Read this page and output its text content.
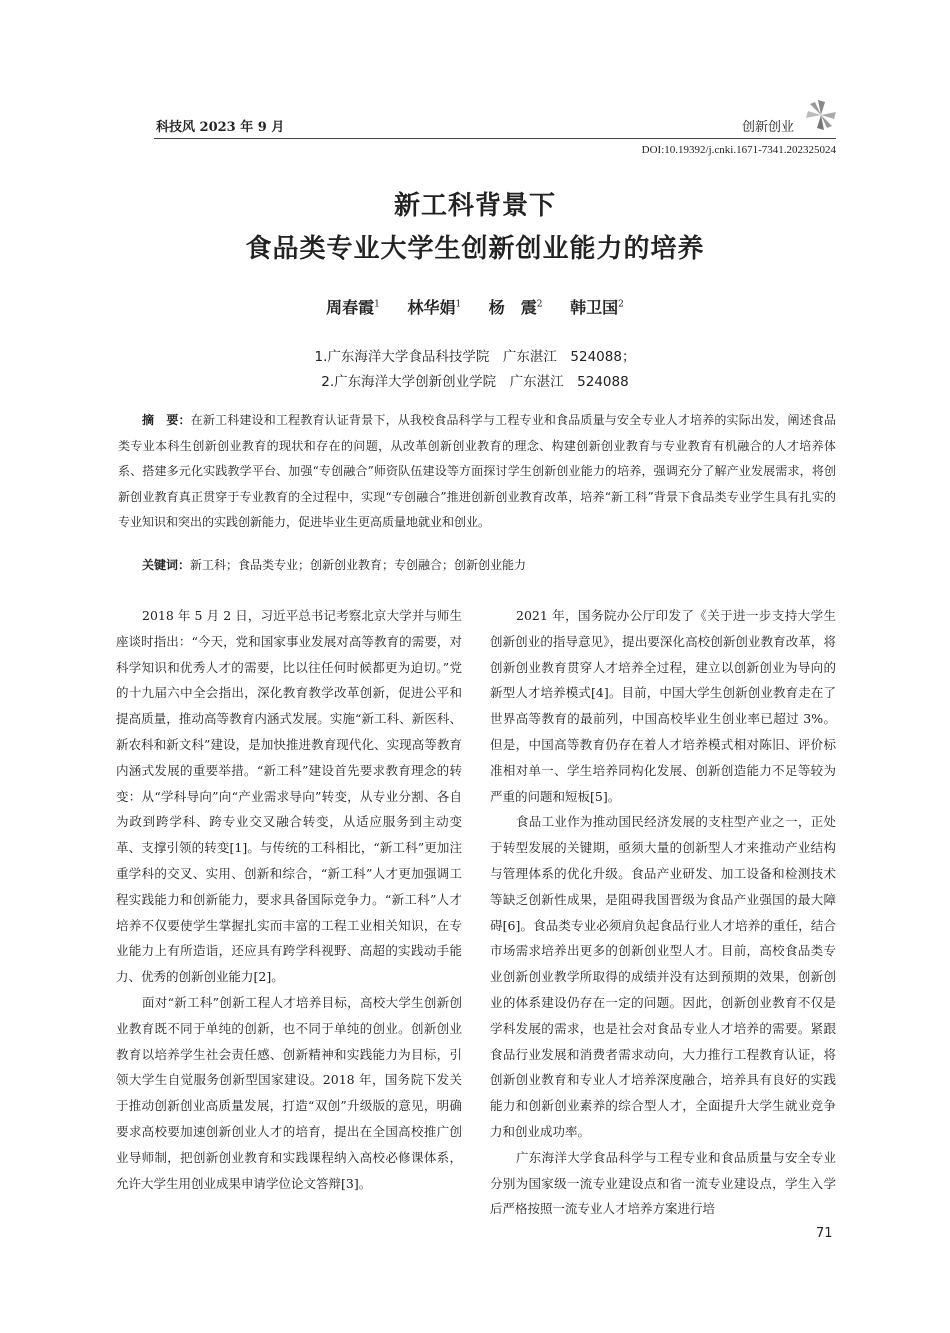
科技风 2023 年 9 月	创新创业
DOI:10.19392/j.cnki.1671-7341.202325024
新工科背景下
食品类专业大学生创新创业能力的培养
周春霞$^1$ 林华娟$^1$ 杨　震$^2$ 韩卫国$^2$
1.广东海洋大学食品科技学院　广东湛江　524088；
2.广东海洋大学创新创业学院　广东湛江　524088
摘　要：在新工科建设和工程教育认证背景下，从我校食品科学与工程专业和食品质量与安全专业人才培养的实际出发，阐述食品类专业本科生创新创业教育的现状和存在的问题，从改革创新创业教育的理念、构建创新创业教育与专业教育有机融合的人才培养体系、搭建多元化实践教学平台、加强“专创融合”师资队伍建设等方面探讨学生创新创业能力的培养，强调充分了解产业发展需求，将创新创业教育真正贯穿于专业教育的全过程中，实现“专创融合”推进创新创业教育改革，培养“新工科”背景下食品类专业学生具有扎实的专业知识和突出的实践创新能力，促进毕业生更高质量地就业和创业。
关键词：新工科；食品类专业；创新创业教育；专创融合；创新创业能力

2018 年 5 月 2 日，习近平总书记考察北京大学并与师生座谈时指出：“今天，党和国家事业发展对高等教育的需要，对科学知识和优秀人才的需要，比以往任何时候都更为迫切。”党的十九届六中全会指出，深化教育教学改革创新，促进公平和提高质量，推动高等教育内涵式发展。实施“新工科、新医科、新农科和新文科”建设，是加快推进教育现代化、实现高等教育内涵式发展的重要举措。“新工科”建设首先要求教育理念的转变：从“学科导向”向“产业需求导向”转变，从专业分割、各自为政到跨学科、跨专业交叉融合转变，从适应服务到主动变革、支撑引领的转变[1]。与传统的工科相比，“新工科”更加注重学科的交叉、实用、创新和综合，“新工科”人才更加强调工程实践能力和创新能力，要求具备国际竞争力。“新工科”人才培养不仅要使学生掌握扎实而丰富的工程工业相关知识，在专业能力上有所造诣，还应具有跨学科视野、高超的实践动手能力、优秀的创新创业能力[2]。

面对“新工科”创新工程人才培养目标，高校大学生创新创业教育既不同于单纯的创新，也不同于单纯的创业。创新创业教育以培养学生社会责任感、创新精神和实践能力为目标，引领大学生自觉服务创新型国家建设。2018 年，国务院下发关于推动创新创业高质量发展，打造“双创”升级版的意见，明确要求高校要加速创新创业人才的培育，提出在全国高校推广创业导师制，把创新创业教育和实践课程纳入高校必修课体系，允许大学生用创业成果申请学位论文答辩[3]。

2021 年，国务院办公厅印发了《关于进一步支持大学生创新创业的指导意见》，提出要深化高校创新创业教育改革，将创新创业教育贯穿人才培养全过程，建立以创新创业为导向的新型人才培养模式[4]。目前，中国大学生创新创业教育走在了世界高等教育的最前列，中国高校毕业生创业率已超过 3%。但是，中国高等教育仍存在着人才培养模式相对陈旧、评价标准相对单一、学生培养同构化发展、创新创造能力不足等较为严重的问题和短板[5]。

食品工业作为推动国民经济发展的支柱型产业之一，正处于转型发展的关键期，亟须大量的创新型人才来推动产业结构与管理体系的优化升级。食品产业研发、加工设备和检测技术等缺乏创新性成果，是阻碍我国晋级为食品产业强国的最大障碍[6]。食品类专业必须肩负起食品行业人才培养的重任，结合市场需求培养出更多的创新创业型人才。目前，高校食品类专业创新创业教学所取得的成绩并没有达到预期的效果，创新创业的体系建设仍存在一定的问题。因此，创新创业教育不仅是学科发展的需求，也是社会对食品专业人才培养的需要。紧跟食品行业发展和消费者需求动向，大力推行工程教育认证，将创新创业教育和专业人才培养深度融合，培养具有良好的实践能力和创新创业素养的综合型人才，全面提升大学生就业竞争力和创业成功率。

广东海洋大学食品科学与工程专业和食品质量与安全专业分别为国家级一流专业建设点和省一流专业建设点，学生入学后严格按照一流专业人才培养方案进行培

71
